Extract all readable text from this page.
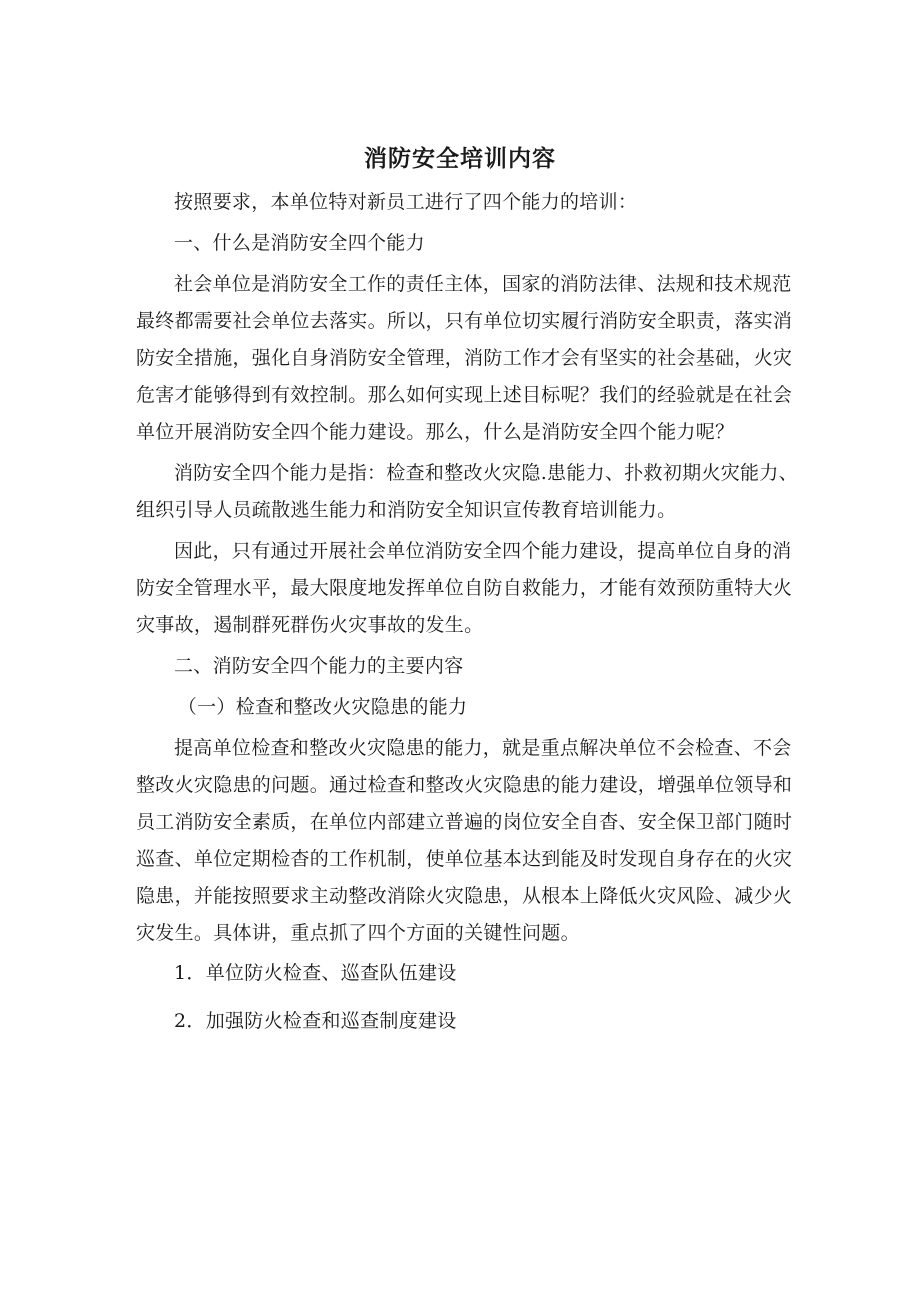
消防安全培训内容

按照要求，本单位特对新员工进行了四个能力的培训：

一、什么是消防安全四个能力

社会单位是消防安全工作的责任主体，国家的消防法律、法规和技术规范最终都需要社会单位去落实。所以，只有单位切实履行消防安全职责，落实消防安全措施，强化自身消防安全管理，消防工作才会有坚实的社会基础，火灾危害才能够得到有效控制。那么如何实现上述目标呢？我们的经验就是在社会单位开展消防安全四个能力建设。那么，什么是消防安全四个能力呢？

消防安全四个能力是指：检查和整改火灾隐.患能力、扑救初期火灾能力、组织引导人员疏散逃生能力和消防安全知识宣传教育培训能力。

因此，只有通过开展社会单位消防安全四个能力建设，提高单位自身的消防安全管理水平，最大限度地发挥单位自防自救能力，才能有效预防重特大火灾事故，遏制群死群伤火灾事故的发生。

二、消防安全四个能力的主要内容

（一）检查和整改火灾隐患的能力

提高单位检查和整改火灾隐患的能力，就是重点解决单位不会检查、不会整改火灾隐患的问题。通过检查和整改火灾隐患的能力建设，增强单位领导和员工消防安全素质，在单位内部建立普遍的岗位安全自杳、安全保卫部门随时巡查、单位定期检杳的工作机制，使单位基本达到能及时发现自身存在的火灾隐患，并能按照要求主动整改消除火灾隐患，从根本上降低火灾风险、减少火灾发生。具体讲，重点抓了四个方面的关键性问题。

1．单位防火检查、巡查队伍建设

2．加强防火检查和巡查制度建设
